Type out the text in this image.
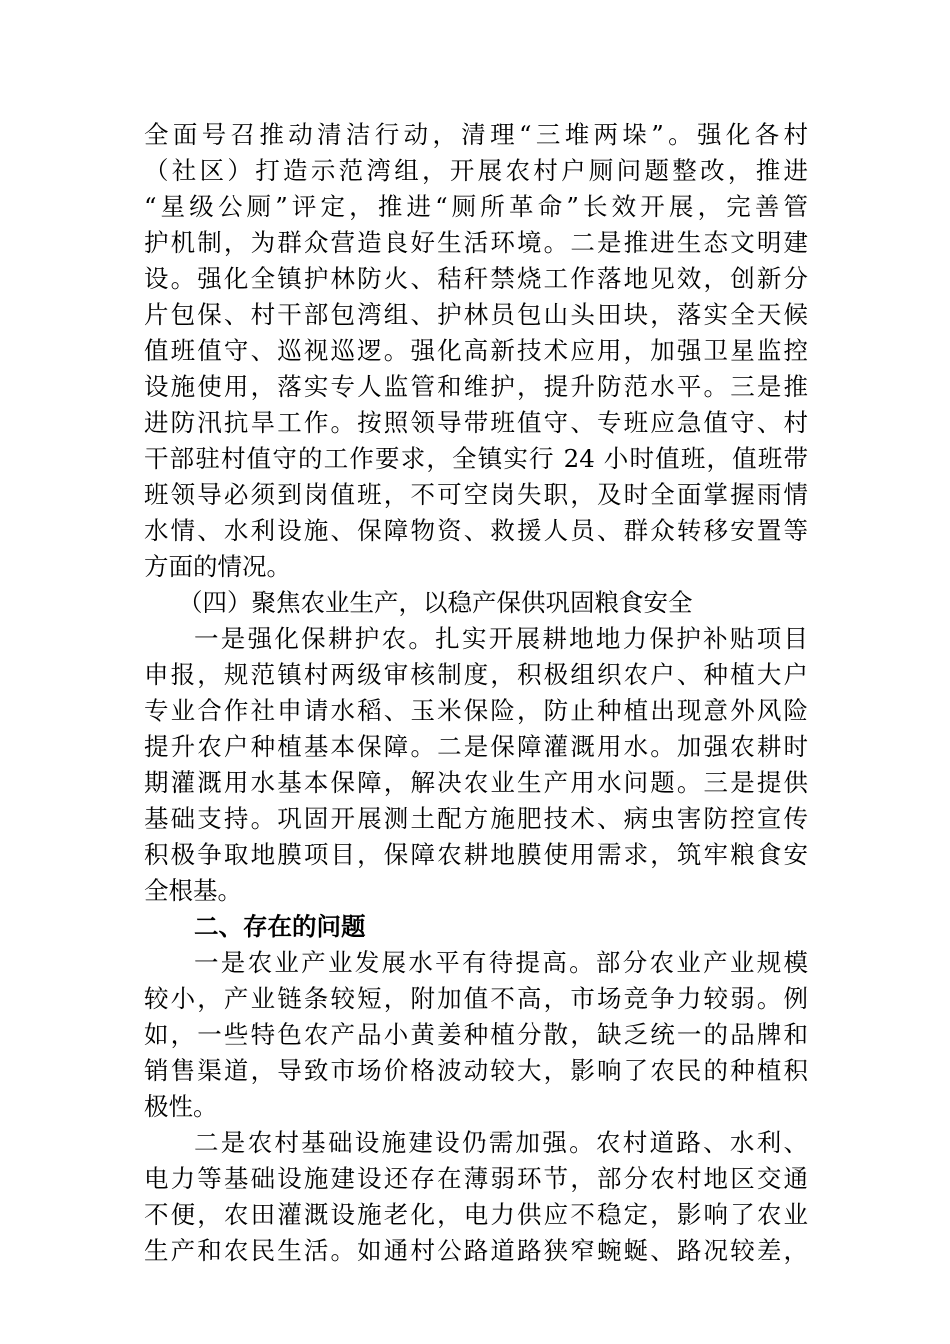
全面号召推动清洁行动，清理“三堆两垛”。强化各村
（社区）打造示范湾组，开展农村户厕问题整改，推进
“星级公厕”评定，推进“厕所革命”长效开展，完善管
护机制，为群众营造良好生活环境。二是推进生态文明建
设。强化全镇护林防火、秸秆禁烧工作落地见效，创新分
片包保、村干部包湾组、护林员包山头田块，落实全天候
值班值守、巡视巡逻。强化高新技术应用，加强卫星监控
设施使用，落实专人监管和维护，提升防范水平。三是推
进防汛抗旱工作。按照领导带班值守、专班应急值守、村
干部驻村值守的工作要求，全镇实行 24 小时值班，值班带
班领导必须到岗值班，不可空岗失职，及时全面掌握雨情
水情、水利设施、保障物资、救援人员、群众转移安置等
方面的情况。
（四）聚焦农业生产，以稳产保供巩固粮食安全
一是强化保耕护农。扎实开展耕地地力保护补贴项目
申报，规范镇村两级审核制度，积极组织农户、种植大户
专业合作社申请水稻、玉米保险，防止种植出现意外风险
提升农户种植基本保障。二是保障灌溉用水。加强农耕时
期灌溉用水基本保障，解决农业生产用水问题。三是提供
基础支持。巩固开展测土配方施肥技术、病虫害防控宣传
积极争取地膜项目，保障农耕地膜使用需求，筑牢粮食安
全根基。
二、存在的问题
一是农业产业发展水平有待提高。部分农业产业规模
较小，产业链条较短，附加值不高，市场竞争力较弱。例
如，一些特色农产品小黄姜种植分散，缺乏统一的品牌和
销售渠道，导致市场价格波动较大，影响了农民的种植积
极性。
二是农村基础设施建设仍需加强。农村道路、水利、
电力等基础设施建设还存在薄弱环节，部分农村地区交通
不便，农田灌溉设施老化，电力供应不稳定，影响了农业
生产和农民生活。如通村公路道路狭窄蜿蜒、路况较差，
